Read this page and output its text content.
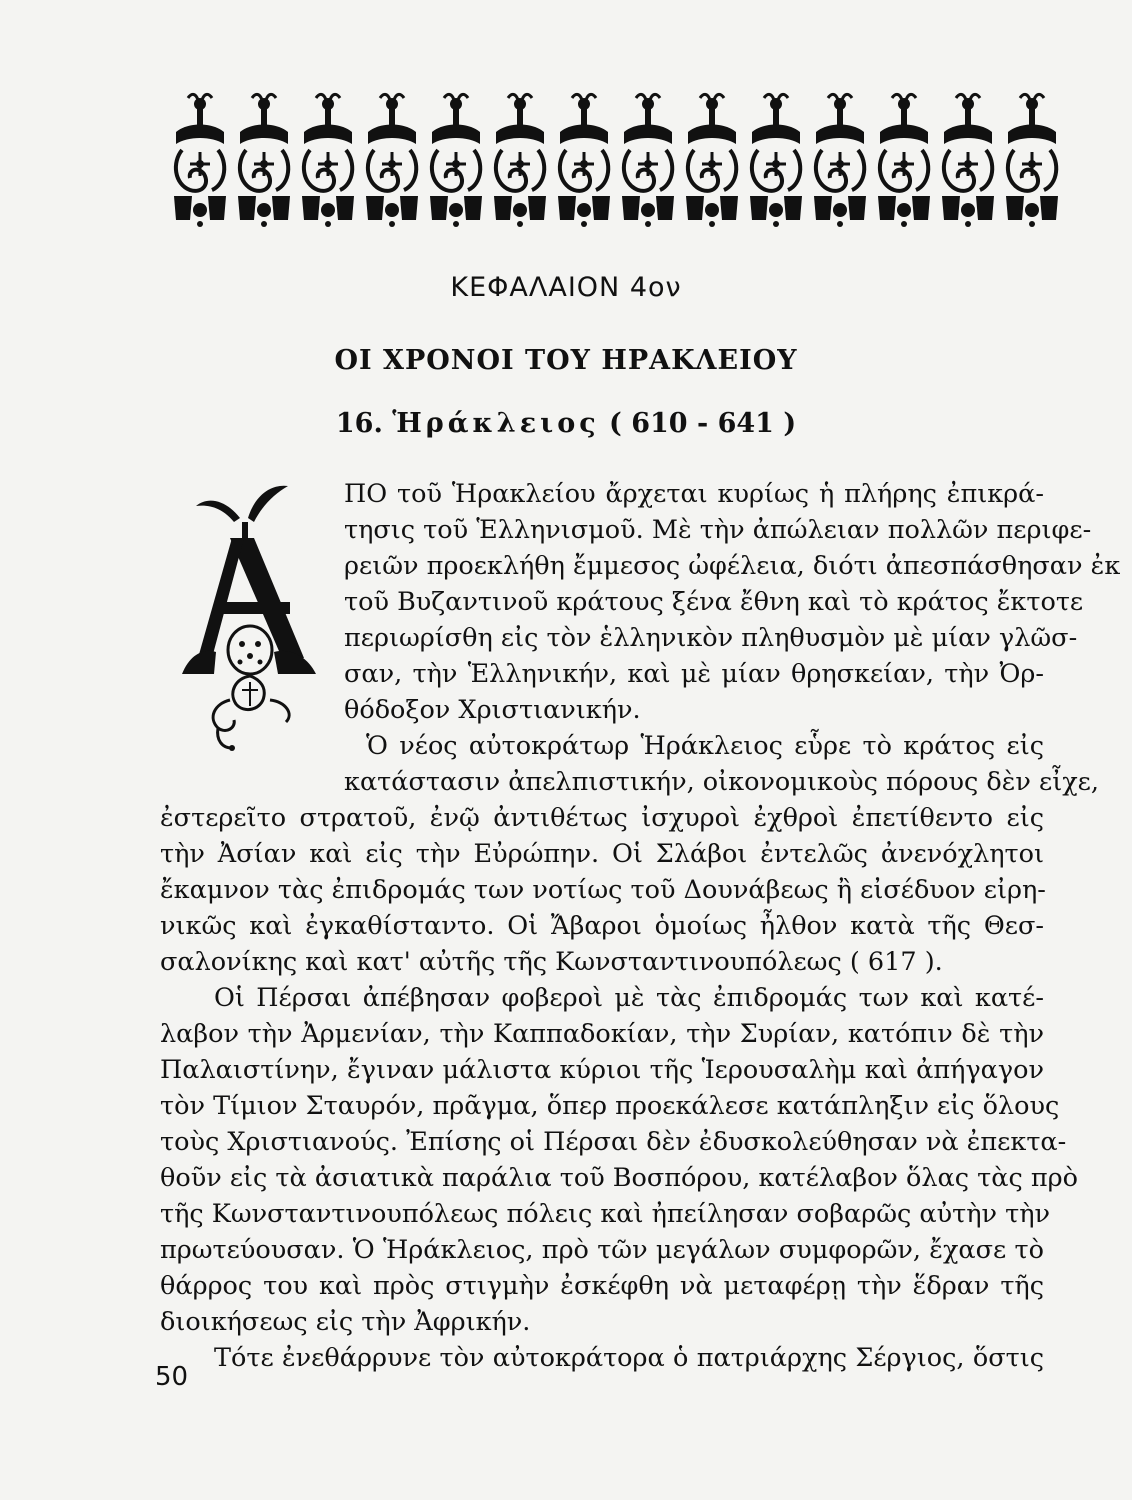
ΚΕΦΑΛΑΙΟΝ 4ον
ΟΙ ΧΡΟΝΟΙ ΤΟΥ ΗΡΑΚΛΕΙΟΥ
16. Ἡράκλειος ( 610 - 641 )
ΠΟ τοῦ Ἡρακλείου ἄρχεται κυρίως ἡ πλήρης ἐπικρά-
τησις τοῦ Ἑλληνισμοῦ. Μὲ τὴν ἀπώλειαν πολλῶν περιφε-
ρειῶν προεκλήθη ἔμμεσος ὠφέλεια, διότι ἀπεσπάσθησαν ἐκ
τοῦ Βυζαντινοῦ κράτους ξένα ἔθνη καὶ τὸ κράτος ἔκτοτε
περιωρίσθη εἰς τὸν ἑλληνικὸν πληθυσμὸν μὲ μίαν γλῶσ-
σαν, τὴν Ἑλληνικήν, καὶ μὲ μίαν θρησκείαν, τὴν Ὀρ-
θόδοξον Χριστιανικήν.
Ὁ νέος αὐτοκράτωρ Ἡράκλειος εὗρε τὸ κράτος εἰς
κατάστασιν ἀπελπιστικήν, οἰκονομικοὺς πόρους δὲν εἶχε,
ἐστερεῖτο στρατοῦ, ἐνῷ ἀντιθέτως ἰσχυροὶ ἐχθροὶ ἐπετίθεντο εἰς
τὴν Ἀσίαν καὶ εἰς τὴν Εὐρώπην. Οἱ Σλάβοι ἐντελῶς ἀνενόχλητοι
ἔκαμνον τὰς ἐπιδρομάς των νοτίως τοῦ Δουνάβεως ἢ εἰσέδυον εἰρη-
νικῶς καὶ ἐγκαθίσταντο. Οἱ Ἄβαροι ὁμοίως ἦλθον κατὰ τῆς Θεσ-
σαλονίκης καὶ κατ' αὐτῆς τῆς Κωνσταντινουπόλεως ( 617 ).
Οἱ Πέρσαι ἀπέβησαν φοβεροὶ μὲ τὰς ἐπιδρομάς των καὶ κατέ-
λαβον τὴν Ἀρμενίαν, τὴν Καππαδοκίαν, τὴν Συρίαν, κατόπιν δὲ τὴν
Παλαιστίνην, ἔγιναν μάλιστα κύριοι τῆς Ἱερουσαλὴμ καὶ ἀπήγαγον
τὸν Τίμιον Σταυρόν, πρᾶγμα, ὅπερ προεκάλεσε κατάπληξιν εἰς ὅλους
τοὺς Χριστιανούς. Ἐπίσης οἱ Πέρσαι δὲν ἐδυσκολεύθησαν νὰ ἐπεκτα-
θοῦν εἰς τὰ ἀσιατικὰ παράλια τοῦ Βοσπόρου, κατέλαβον ὅλας τὰς πρὸ
τῆς Κωνσταντινουπόλεως πόλεις καὶ ἠπείλησαν σοβαρῶς αὐτὴν τὴν
πρωτεύουσαν. Ὁ Ἡράκλειος, πρὸ τῶν μεγάλων συμφορῶν, ἔχασε τὸ
θάρρος του καὶ πρὸς στιγμὴν ἐσκέφθη νὰ μεταφέρῃ τὴν ἕδραν τῆς
διοικήσεως εἰς τὴν Ἀφρικήν.
Τότε ἐνεθάρρυνε τὸν αὐτοκράτορα ὁ πατριάρχης Σέργιος, ὅστις
50
